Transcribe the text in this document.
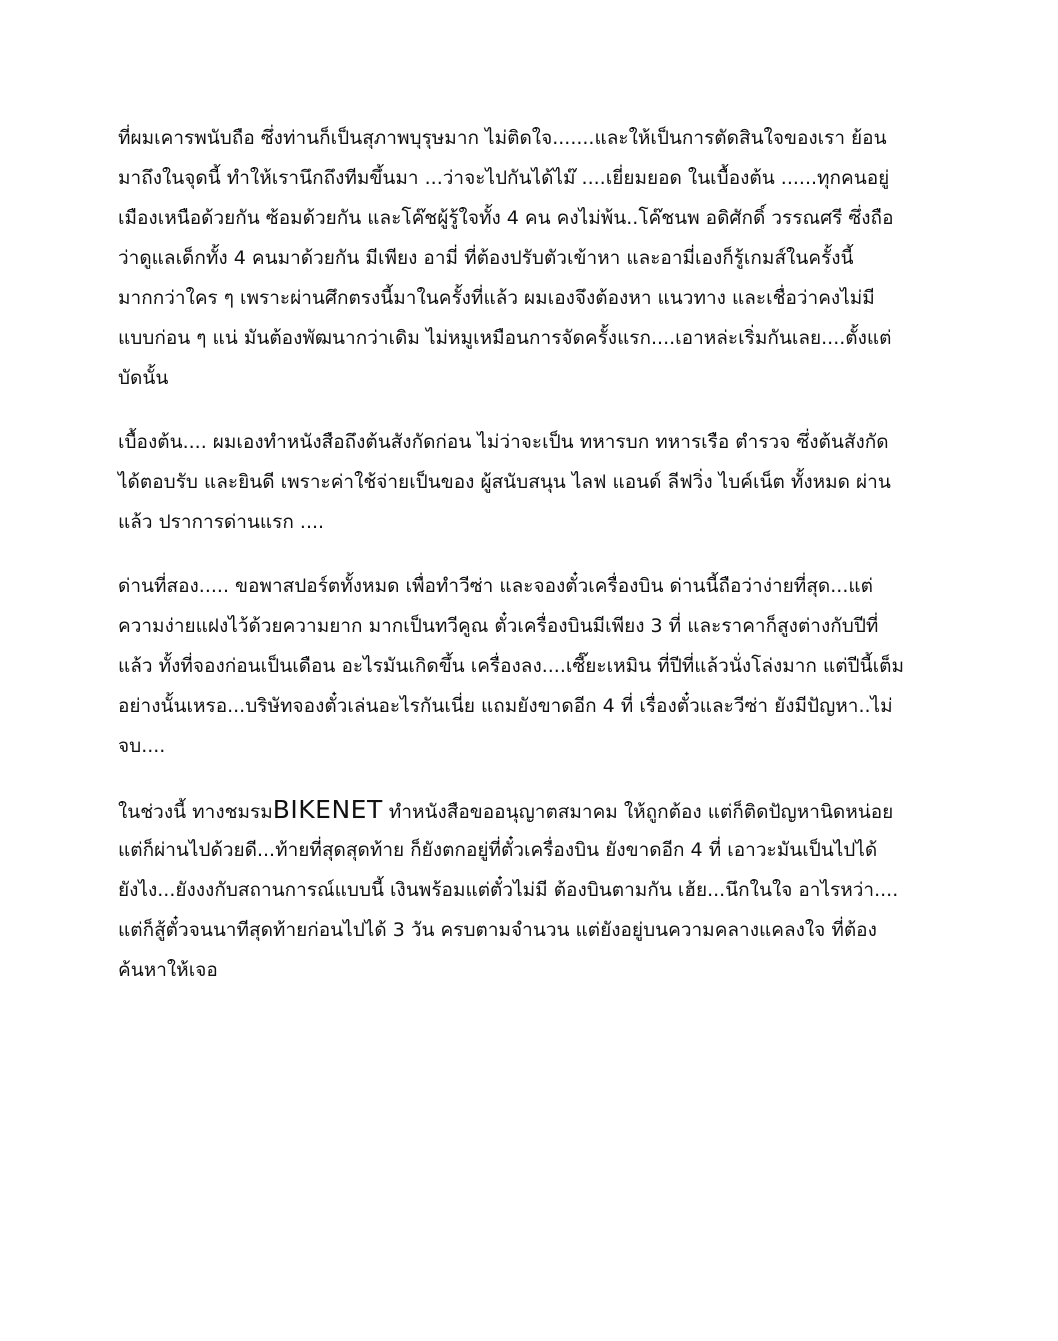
ที่ผมเคารพนับถือ ซึ่งท่านก็เป็นสุภาพบุรุษมาก ไม่ติดใจ.......และให้เป็นการตัดสินใจของเรา ย้อน
มาถึงในจุดนี้ ทำให้เรานึกถึงทีมขึ้นมา ...ว่าจะไปกันได้ไม๊ ....เยี่ยมยอด ในเบื้องต้น ......ทุกคนอยู่
เมืองเหนือด้วยกัน ซ้อมด้วยกัน และโค๊ชผู้รู้ใจทั้ง 4 คน คงไม่พ้น..โค๊ชนพ อดิศักดิ์ วรรณศรี ซึ่งถือ
ว่าดูแลเด็กทั้ง 4 คนมาด้วยกัน มีเพียง อามี่ ที่ต้องปรับตัวเข้าหา และอามี่เองก็รู้เกมส์ในครั้งนี้
มากกว่าใคร ๆ เพราะผ่านศึกตรงนี้มาในครั้งที่แล้ว ผมเองจึงต้องหา แนวทาง และเชื่อว่าคงไม่มี
แบบก่อน ๆ แน่ มันต้องพัฒนากว่าเดิม ไม่หมูเหมือนการจัดครั้งแรก....เอาหล่ะเริ่มกันเลย....ตั้งแต่
บัดนั้น
เบื้องต้น.... ผมเองทำหนังสือถึงต้นสังกัดก่อน ไม่ว่าจะเป็น ทหารบก ทหารเรือ ตำรวจ ซึ่งต้นสังกัด
ได้ตอบรับ และยินดี เพราะค่าใช้จ่ายเป็นของ ผู้สนับสนุน ไลฟ แอนด์ ลีฟวิ่ง ไบค์เน็ต ทั้งหมด ผ่าน
แล้ว ปราการด่านแรก ....
ด่านที่สอง..... ขอพาสปอร์ตทั้งหมด เพื่อทำวีซ่า และจองตั๋วเครื่องบิน ด่านนี้ถือว่าง่ายที่สุด...แต่
ความง่ายแฝงไว้ด้วยความยาก มากเป็นทวีคูณ ตั๋วเครื่องบินมีเพียง 3 ที่ และราคาก็สูงต่างกับปีที่
แล้ว ทั้งที่จองก่อนเป็นเดือน อะไรมันเกิดขึ้น เครื่องลง....เซี๊ยะเหมิน ที่ปีที่แล้วนั่งโล่งมาก แต่ปีนี้เต็ม
อย่างนั้นเหรอ...บริษัทจองตั๋วเล่นอะไรกันเนี่ย แถมยังขาดอีก 4 ที่ เรื่องตั๋วและวีซ่า ยังมีปัญหา..ไม่
จบ....
ในช่วงนี้ ทางชมรมBIKENET ทำหนังสือขออนุญาตสมาคม ให้ถูกต้อง แต่ก็ติดปัญหานิดหน่อย
แต่ก็ผ่านไปด้วยดี...ท้ายที่สุดสุดท้าย ก็ยังตกอยู่ที่ตั๋วเครื่องบิน ยังขาดอีก 4 ที่ เอาวะมันเป็นไปได้
ยังไง...ยังงงกับสถานการณ์แบบนี้ เงินพร้อมแต่ตั๋วไม่มี ต้องบินตามกัน เฮ้ย...นึกในใจ อาไรหว่า....
แต่ก็สู้ตั๋วจนนาทีสุดท้ายก่อนไปได้ 3 วัน ครบตามจำนวน แต่ยังอยู่บนความคลางแคลงใจ ที่ต้อง
ค้นหาให้เจอ
